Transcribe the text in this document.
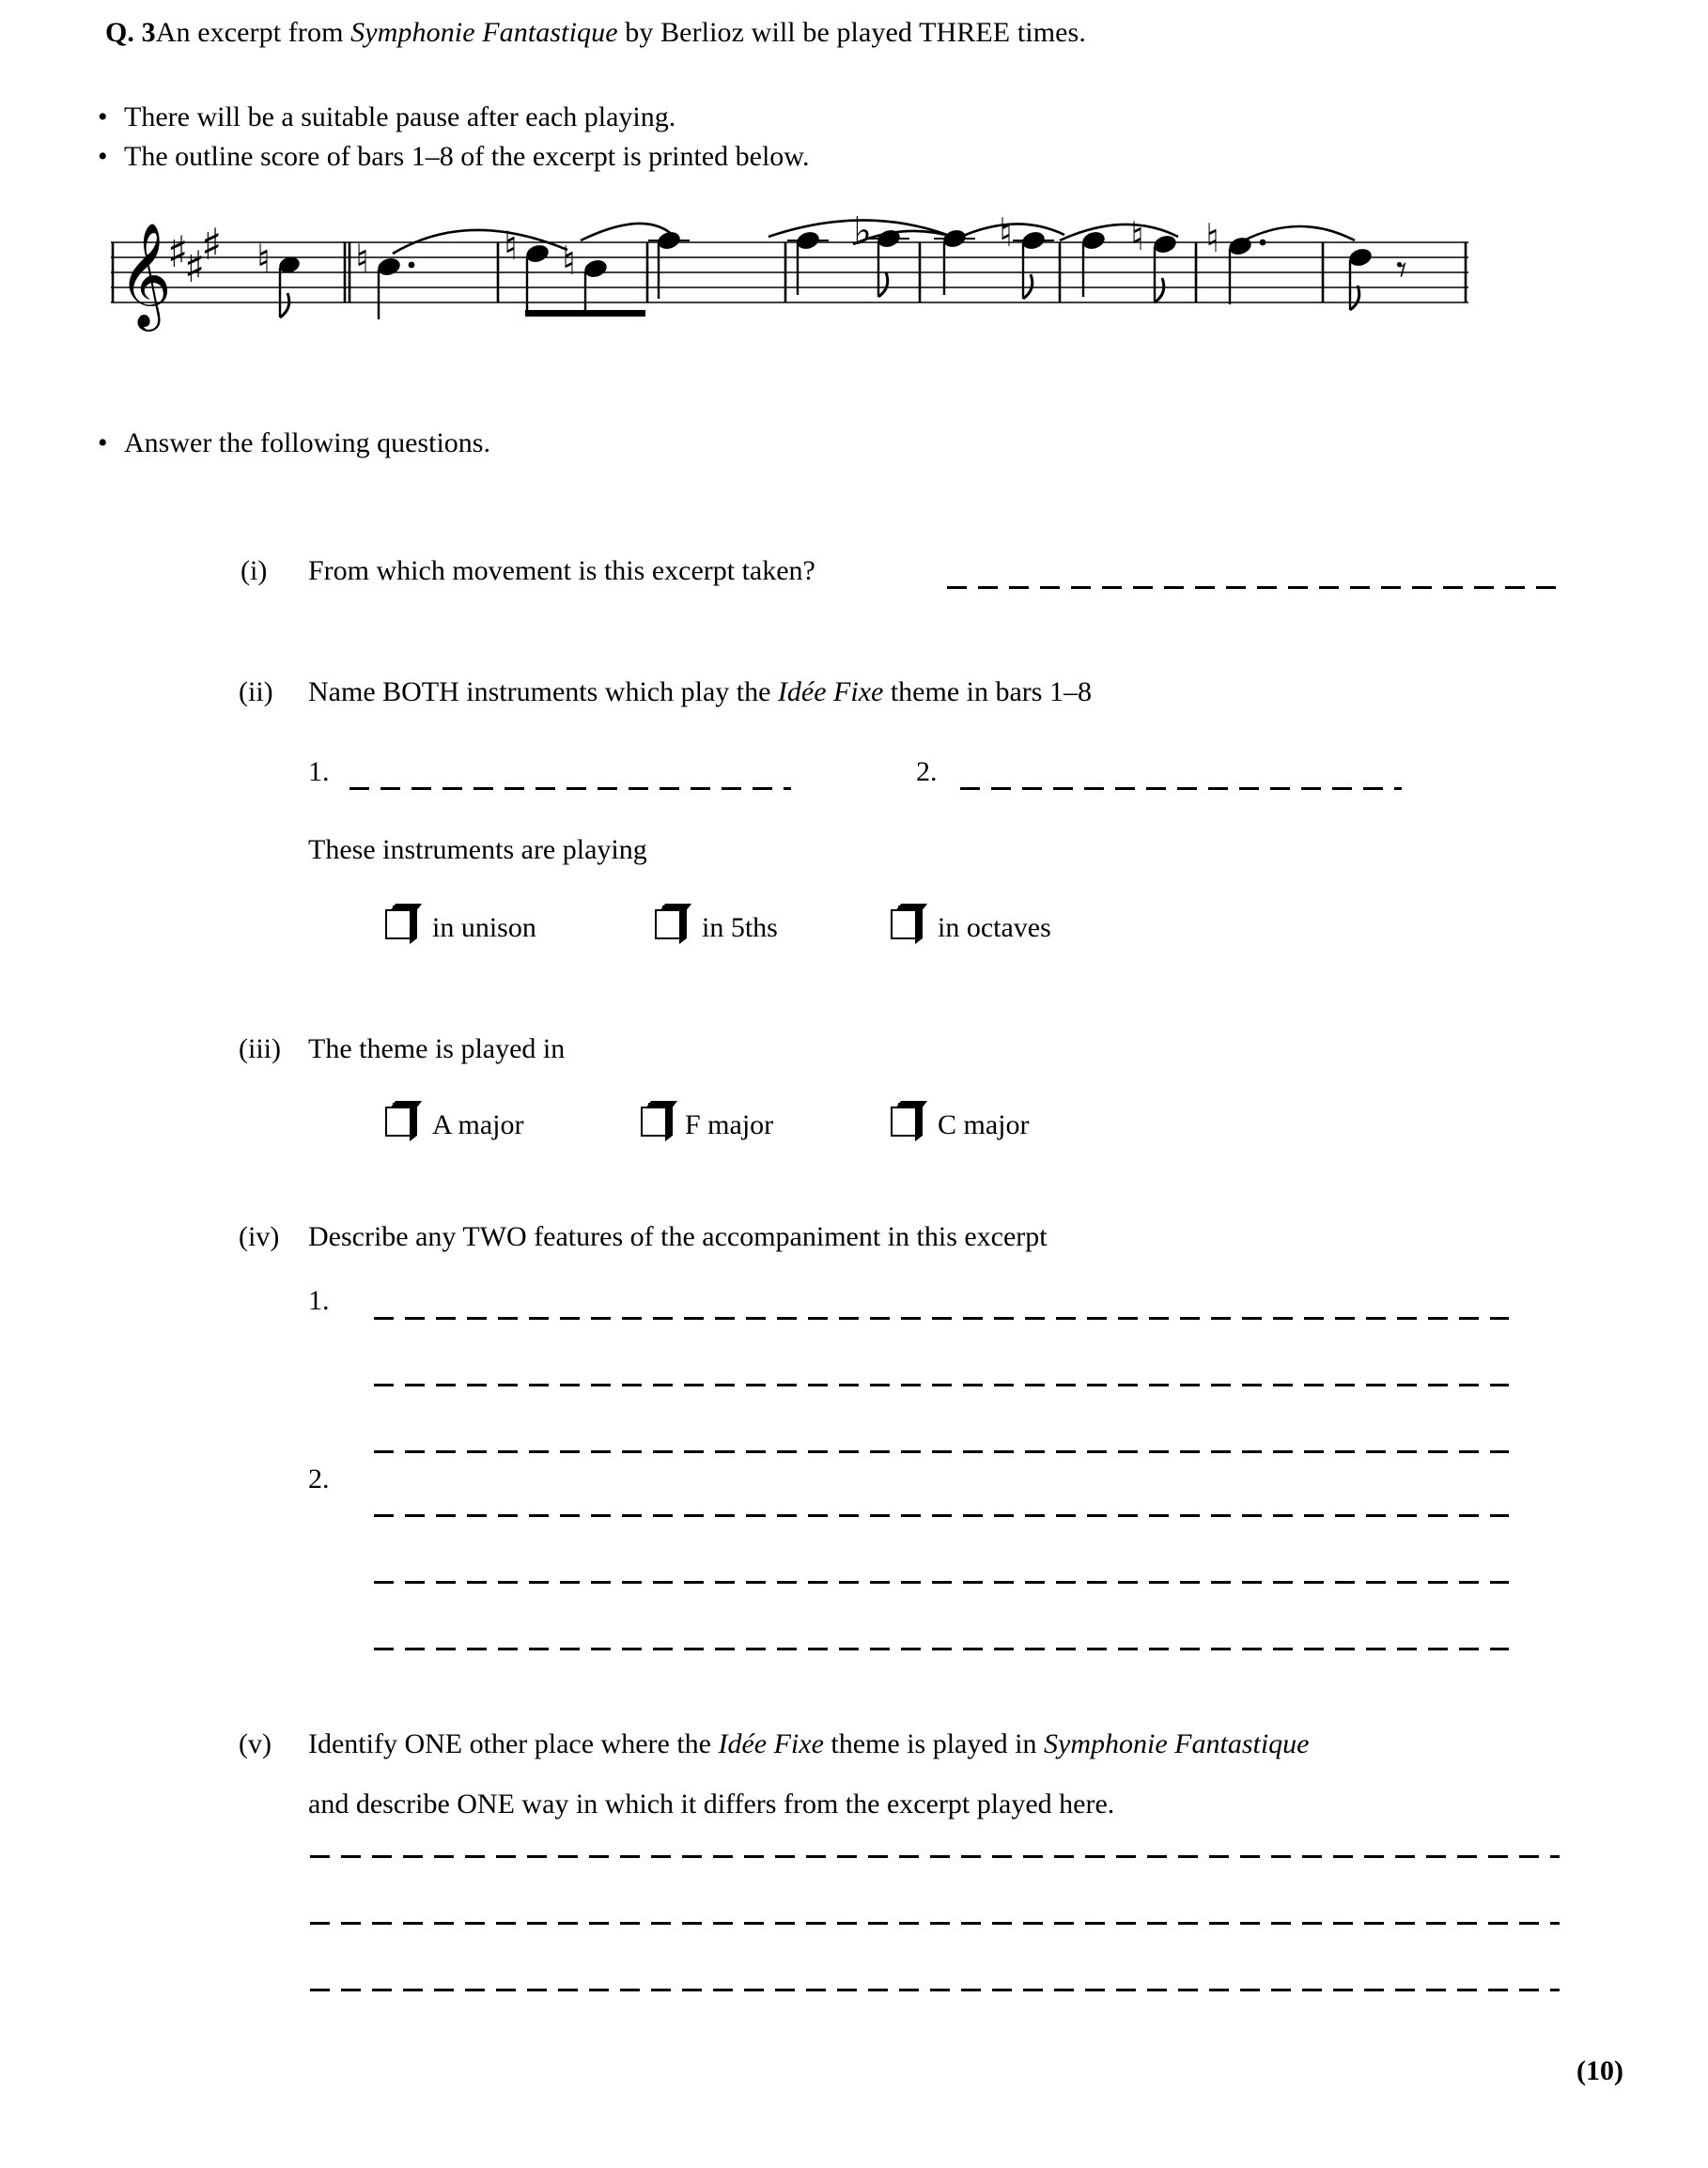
Q. 3An excerpt from Symphonie Fantastique by Berlioz will be played THREE times.
• There will be a suitable pause after each playing.
• The outline score of bars 1–8 of the excerpt is printed below.
𝄞
♯
♯
♯ ♮ ♮	♮ ♮
♭	♮	♮ ♮
𝄾
• Answer the following questions.
(i) From which movement is this excerpt taken?
(ii) Name BOTH instruments which play the Idée Fixe theme in bars 1–8
1.	2.
These instruments are playing
in unison	in 5ths	in octaves
(iii) The theme is played in
A major	F major	C major
(iv) Describe any TWO features of the accompaniment in this excerpt
1.
2.
(v) Identify ONE other place where the Idée Fixe theme is played in Symphonie Fantastique
and describe ONE way in which it differs from the excerpt played here.
(10)
